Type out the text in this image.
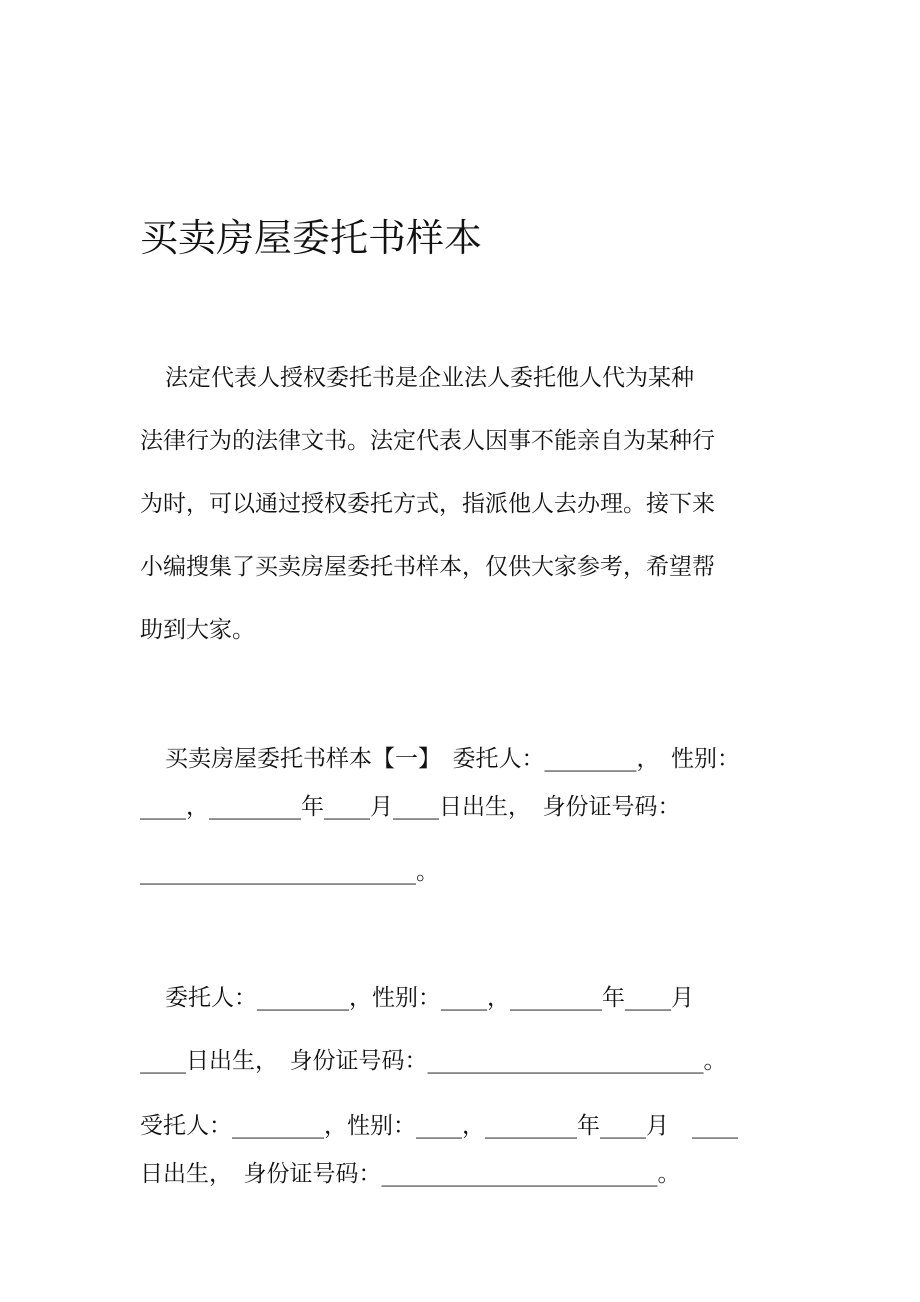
买卖房屋委托书样本
法定代表人授权委托书是企业法人委托他人代为某种
法律行为的法律文书。法定代表人因事不能亲自为某种行
为时，可以通过授权委托方式，指派他人去办理。接下来
小编搜集了买卖房屋委托书样本，仅供大家参考，希望帮
助到大家。
买卖房屋委托书样本【一】　委托人：________，　性别：
____，________年____月____日出生，　身份证号码：
________________________。
委托人：________，性别：____，________年____月
____日出生，　身份证号码：________________________。
受托人：________，性别：____，________年____月　____
日出生，　身份证号码：________________________。
